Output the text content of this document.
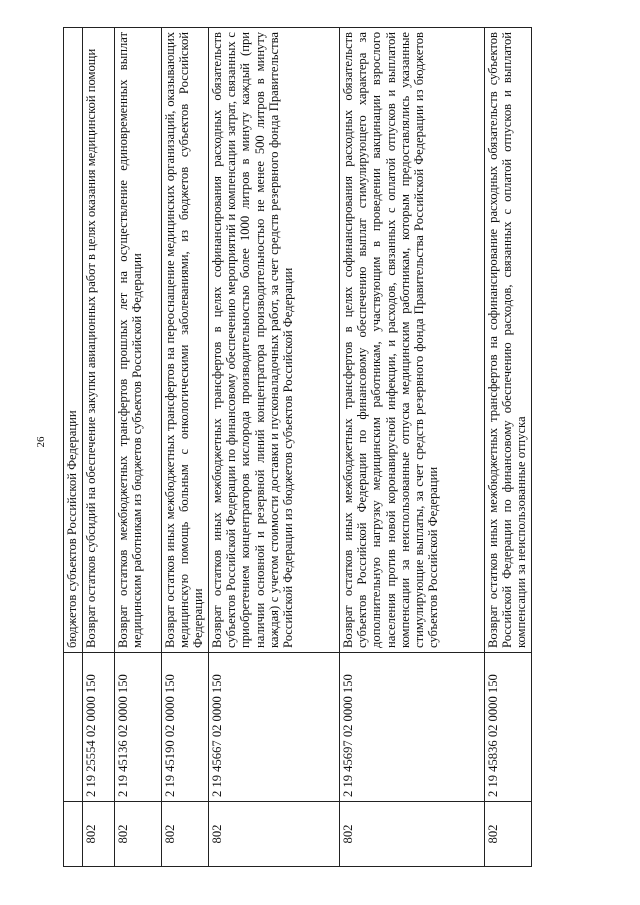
26
		бюджетов субъектов Российской Федерации
802	2 19 25554 02 0000 150	Возврат остатков субсидий на обеспечение закупки авиационных работ в целях оказания медицинской помощи
802	2 19 45136 02 0000 150	Возврат остатков межбюджетных трансфертов прошлых лет на осуществление единовременных выплат медицинским работникам из бюджетов субъектов Российской Федерации
802	2 19 45190 02 0000 150	Возврат остатков иных межбюджетных трансфертов на переоснащение медицинских организаций, оказывающих медицинскую помощь больным с онкологическими заболеваниями, из бюджетов субъектов Российской Федерации
802	2 19 45667 02 0000 150	Возврат остатков иных межбюджетных трансфертов в целях софинансирования расходных обязательств субъектов Российской Федерации по финансовому обеспечению мероприятий и компенсации затрат, связанных с приобретением концентраторов кислорода производительностью более 1000 литров в минуту каждый (при наличии основной и резервной линий концентратора производительностью не менее 500 литров в минуту каждая) с учетом стоимости доставки и пусконаладочных работ, за счет средств резервного фонда Правительства Российской Федерации из бюджетов субъектов Российской Федерации
802	2 19 45697 02 0000 150	Возврат остатков иных межбюджетных трансфертов в целях софинансирования расходных обязательств субъектов Российской Федерации по финансовому обеспечению выплат стимулирующего характера за дополнительную нагрузку медицинским работникам, участвующим в проведении вакцинации взрослого населения против новой коронавирусной инфекции, и расходов, связанных с оплатой отпусков и выплатой компенсации за неиспользованные отпуска медицинским работникам, которым предоставлялись указанные стимулирующие выплаты, за счет средств резервного фонда Правительства Российской Федерации из бюджетов субъектов Российской Федерации
802	2 19 45836 02 0000 150	Возврат остатков иных межбюджетных трансфертов на софинансирование расходных обязательств субъектов Российской Федерации по финансовому обеспечению расходов, связанных с оплатой отпусков и выплатой компенсации за неиспользованные отпуска
